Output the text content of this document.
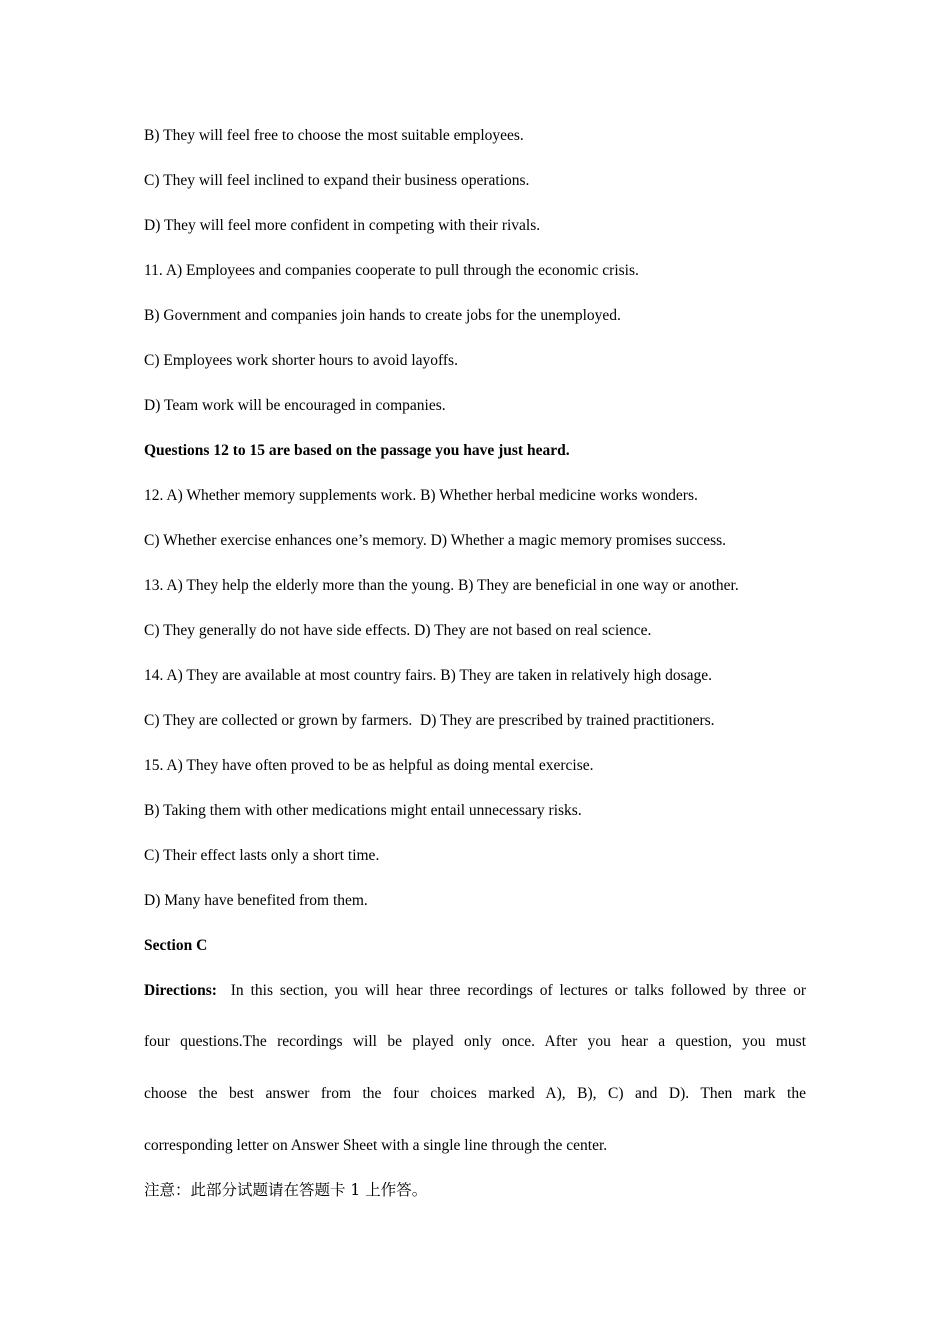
B) They will feel free to choose the most suitable employees.
C) They will feel inclined to expand their business operations.
D) They will feel more confident in competing with their rivals.
11. A) Employees and companies cooperate to pull through the economic crisis.
B) Government and companies join hands to create jobs for the unemployed.
C) Employees work shorter hours to avoid layoffs.
D) Team work will be encouraged in companies.
Questions 12 to 15 are based on the passage you have just heard.
12. A) Whether memory supplements work. B) Whether herbal medicine works wonders.
C) Whether exercise enhances one’s memory. D) Whether a magic memory promises success.
13. A) They help the elderly more than the young. B) They are beneficial in one way or another.
C) They generally do not have side effects. D) They are not based on real science.
14. A) They are available at most country fairs. B) They are taken in relatively high dosage.
C) They are collected or grown by farmers.  D) They are prescribed by trained practitioners.
15. A) They have often proved to be as helpful as doing mental exercise.
B) Taking them with other medications might entail unnecessary risks.
C) Their effect lasts only a short time.
D) Many have benefited from them.
Section C
Directions: In this section, you will hear three recordings of lectures or talks followed by three or
four questions.The recordings will be played only once. After you hear a question, you must
choose the best answer from the four choices marked A), B), C) and D). Then mark the
corresponding letter on Answer Sheet with a single line through the center.
注意：此部分试题请在答题卡 1 上作答。
